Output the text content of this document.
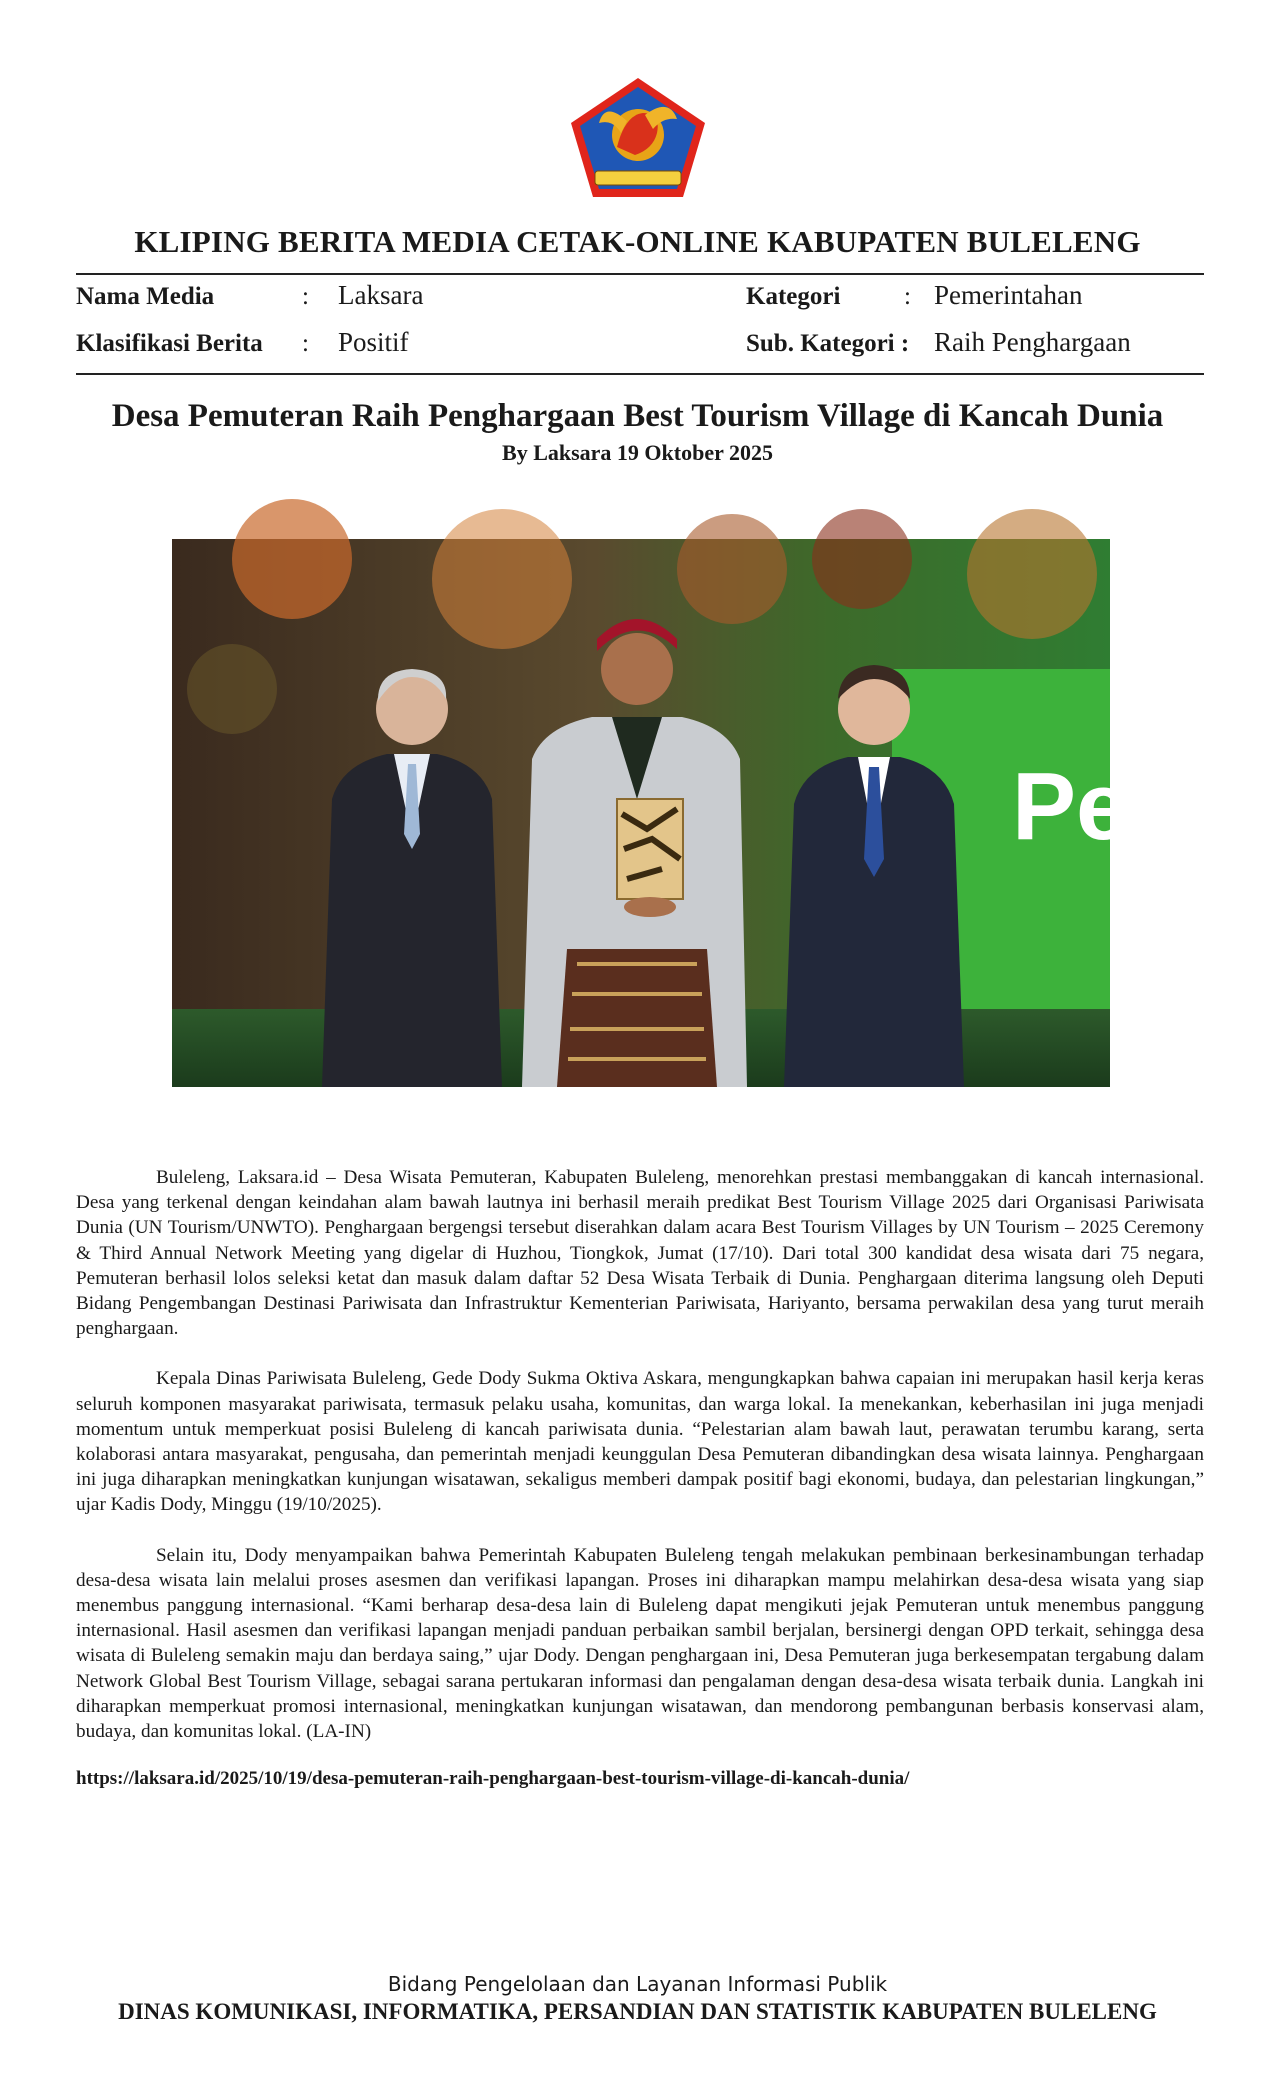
KLIPING BERITA MEDIA CETAK-ONLINE KABUPATEN BULELENG
Nama Media	: Laksara
Klasifikasi Berita : Positif
Kategori	: Pemerintahan
Sub. Kategori : Raih Penghargaan
Desa Pemuteran Raih Penghargaan Best Tourism Village di Kancah Dunia
By Laksara 19 Oktober 2025
Pe

Buleleng, Laksara.id – Desa Wisata Pemuteran, Kabupaten Buleleng, menorehkan prestasi membanggakan di kancah internasional. Desa yang terkenal dengan keindahan alam bawah lautnya ini berhasil meraih predikat Best Tourism Village 2025 dari Organisasi Pariwisata Dunia (UN Tourism/UNWTO). Penghargaan bergengsi tersebut diserahkan dalam acara Best Tourism Villages by UN Tourism – 2025 Ceremony & Third Annual Network Meeting yang digelar di Huzhou, Tiongkok, Jumat (17/10). Dari total 300 kandidat desa wisata dari 75 negara, Pemuteran berhasil lolos seleksi ketat dan masuk dalam daftar 52 Desa Wisata Terbaik di Dunia. Penghargaan diterima langsung oleh Deputi Bidang Pengembangan Destinasi Pariwisata dan Infrastruktur Kementerian Pariwisata, Hariyanto, bersama perwakilan desa yang turut meraih penghargaan.

Kepala Dinas Pariwisata Buleleng, Gede Dody Sukma Oktiva Askara, mengungkapkan bahwa capaian ini merupakan hasil kerja keras seluruh komponen masyarakat pariwisata, termasuk pelaku usaha, komunitas, dan warga lokal. Ia menekankan, keberhasilan ini juga menjadi momentum untuk memperkuat posisi Buleleng di kancah pariwisata dunia. “Pelestarian alam bawah laut, perawatan terumbu karang, serta kolaborasi antara masyarakat, pengusaha, dan pemerintah menjadi keunggulan Desa Pemuteran dibandingkan desa wisata lainnya. Penghargaan ini juga diharapkan meningkatkan kunjungan wisatawan, sekaligus memberi dampak positif bagi ekonomi, budaya, dan pelestarian lingkungan,” ujar Kadis Dody, Minggu (19/10/2025).

Selain itu, Dody menyampaikan bahwa Pemerintah Kabupaten Buleleng tengah melakukan pembinaan berkesinambungan terhadap desa-desa wisata lain melalui proses asesmen dan verifikasi lapangan. Proses ini diharapkan mampu melahirkan desa-desa wisata yang siap menembus panggung internasional. “Kami berharap desa-desa lain di Buleleng dapat mengikuti jejak Pemuteran untuk menembus panggung internasional. Hasil asesmen dan verifikasi lapangan menjadi panduan perbaikan sambil berjalan, bersinergi dengan OPD terkait, sehingga desa wisata di Buleleng semakin maju dan berdaya saing,” ujar Dody. Dengan penghargaan ini, Desa Pemuteran juga berkesempatan tergabung dalam Network Global Best Tourism Village, sebagai sarana pertukaran informasi dan pengalaman dengan desa-desa wisata terbaik dunia. Langkah ini diharapkan memperkuat promosi internasional, meningkatkan kunjungan wisatawan, dan mendorong pembangunan berbasis konservasi alam, budaya, dan komunitas lokal. (LA-IN)

https://laksara.id/2025/10/19/desa-pemuteran-raih-penghargaan-best-tourism-village-di-kancah-dunia/
Bidang Pengelolaan dan Layanan Informasi Publik
DINAS KOMUNIKASI, INFORMATIKA, PERSANDIAN DAN STATISTIK KABUPATEN BULELENG
